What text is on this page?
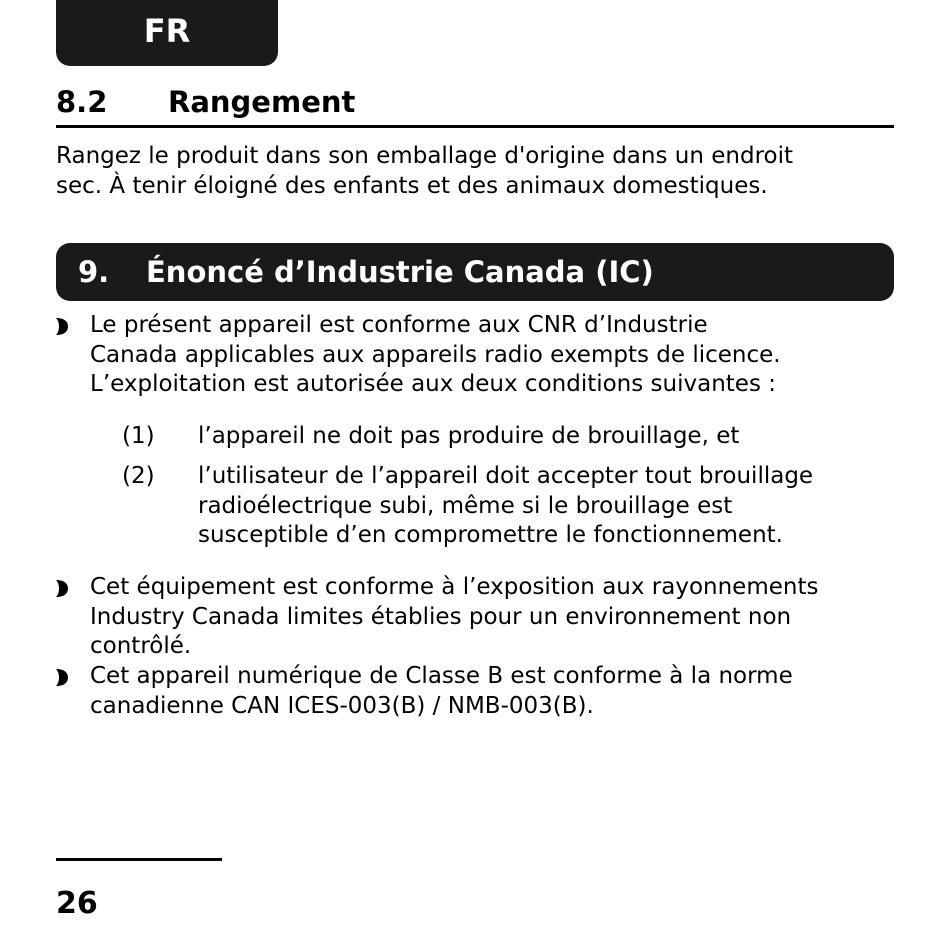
FR
8.2 Rangement
Rangez le produit dans son emballage d'origine dans un endroit
sec. À tenir éloigné des enfants et des animaux domestiques.
9. Énoncé d’Industrie Canada (IC)
Le présent appareil est conforme aux CNR d’Industrie
Canada applicables aux appareils radio exempts de licence.
L’exploitation est autorisée aux deux conditions suivantes :
(1) l’appareil ne doit pas produire de brouillage, et
(2) l’utilisateur de l’appareil doit accepter tout brouillage
radioélectrique subi, même si le brouillage est
susceptible d’en compromettre le fonctionnement.
Cet équipement est conforme à l’exposition aux rayonnements
Industry Canada limites établies pour un environnement non
contrôlé.
Cet appareil numérique de Classe B est conforme à la norme
canadienne CAN ICES-003(B) / NMB-003(B).
26
